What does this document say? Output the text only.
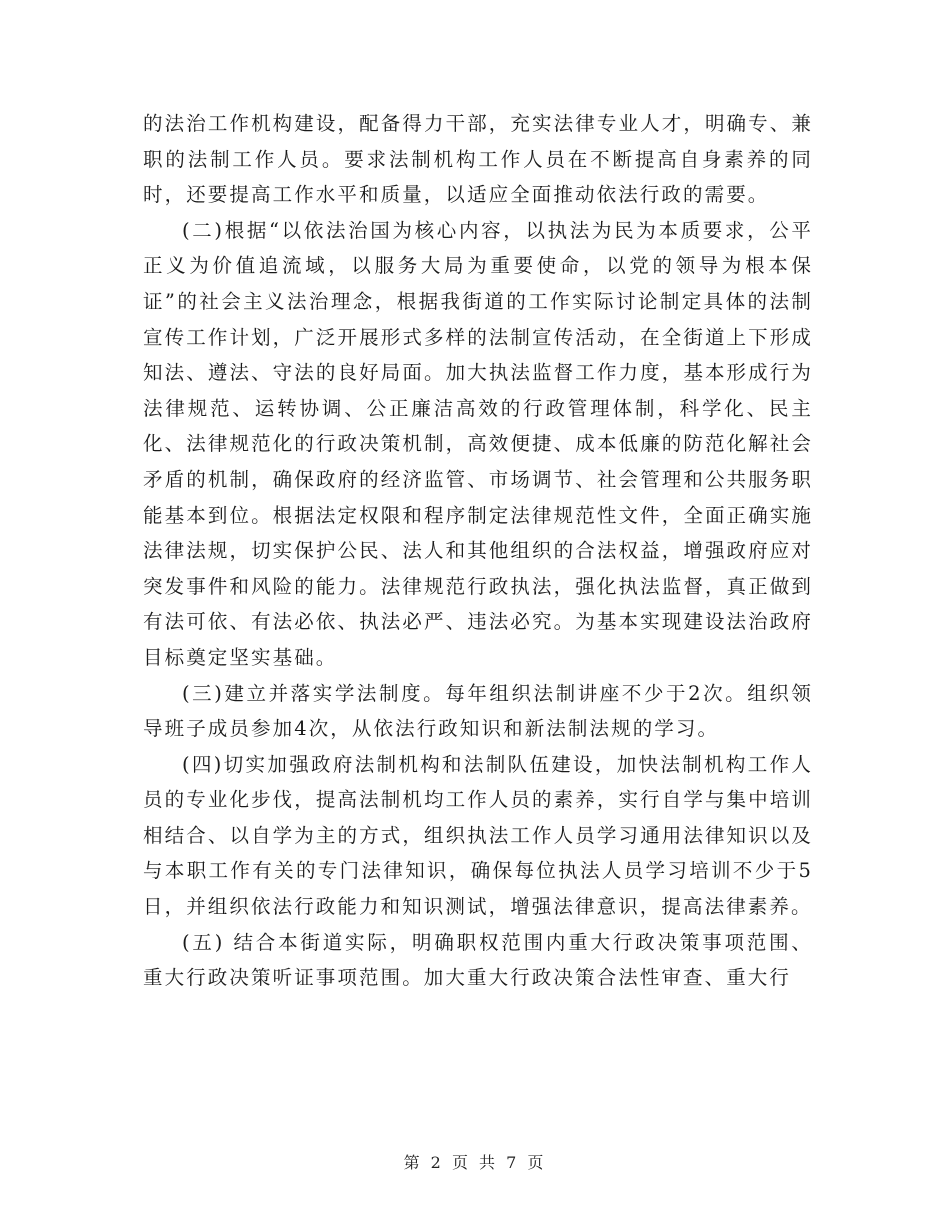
的法治工作机构建设，配备得力干部，充实法律专业人才，明确专、兼职的法制工作人员。要求法制机构工作人员在不断提高自身素养的同时，还要提高工作水平和质量，以适应全面推动依法行政的需要。

(二)根据“以依法治国为核心内容，以执法为民为本质要求，公平正义为价值追流域，以服务大局为重要使命，以党的领导为根本保证”的社会主义法治理念，根据我街道的工作实际讨论制定具体的法制宣传工作计划，广泛开展形式多样的法制宣传活动，在全街道上下形成知法、遵法、守法的良好局面。加大执法监督工作力度，基本形成行为法律规范、运转协调、公正廉洁高效的行政管理体制，科学化、民主化、法律规范化的行政决策机制，高效便捷、成本低廉的防范化解社会矛盾的机制，确保政府的经济监管、市场调节、社会管理和公共服务职能基本到位。根据法定权限和程序制定法律规范性文件，全面正确实施法律法规，切实保护公民、法人和其他组织的合法权益，增强政府应对突发事件和风险的能力。法律规范行政执法，强化执法监督，真正做到有法可依、有法必依、执法必严、违法必究。为基本实现建设法治政府目标奠定坚实基础。

(三)建立并落实学法制度。每年组织法制讲座不少于2次。组织领导班子成员参加4次，从依法行政知识和新法制法规的学习。

(四)切实加强政府法制机构和法制队伍建设，加快法制机构工作人员的专业化步伐，提高法制机均工作人员的素养，实行自学与集中培训相结合、以自学为主的方式，组织执法工作人员学习通用法律知识以及与本职工作有关的专门法律知识，确保每位执法人员学习培训不少于5日，并组织依法行政能力和知识测试，增强法律意识，提高法律素养。

(五) 结合本街道实际，明确职权范围内重大行政决策事项范围、重大行政决策听证事项范围。加大重大行政决策合法性审查、重大行

第 2 页 共 7 页
